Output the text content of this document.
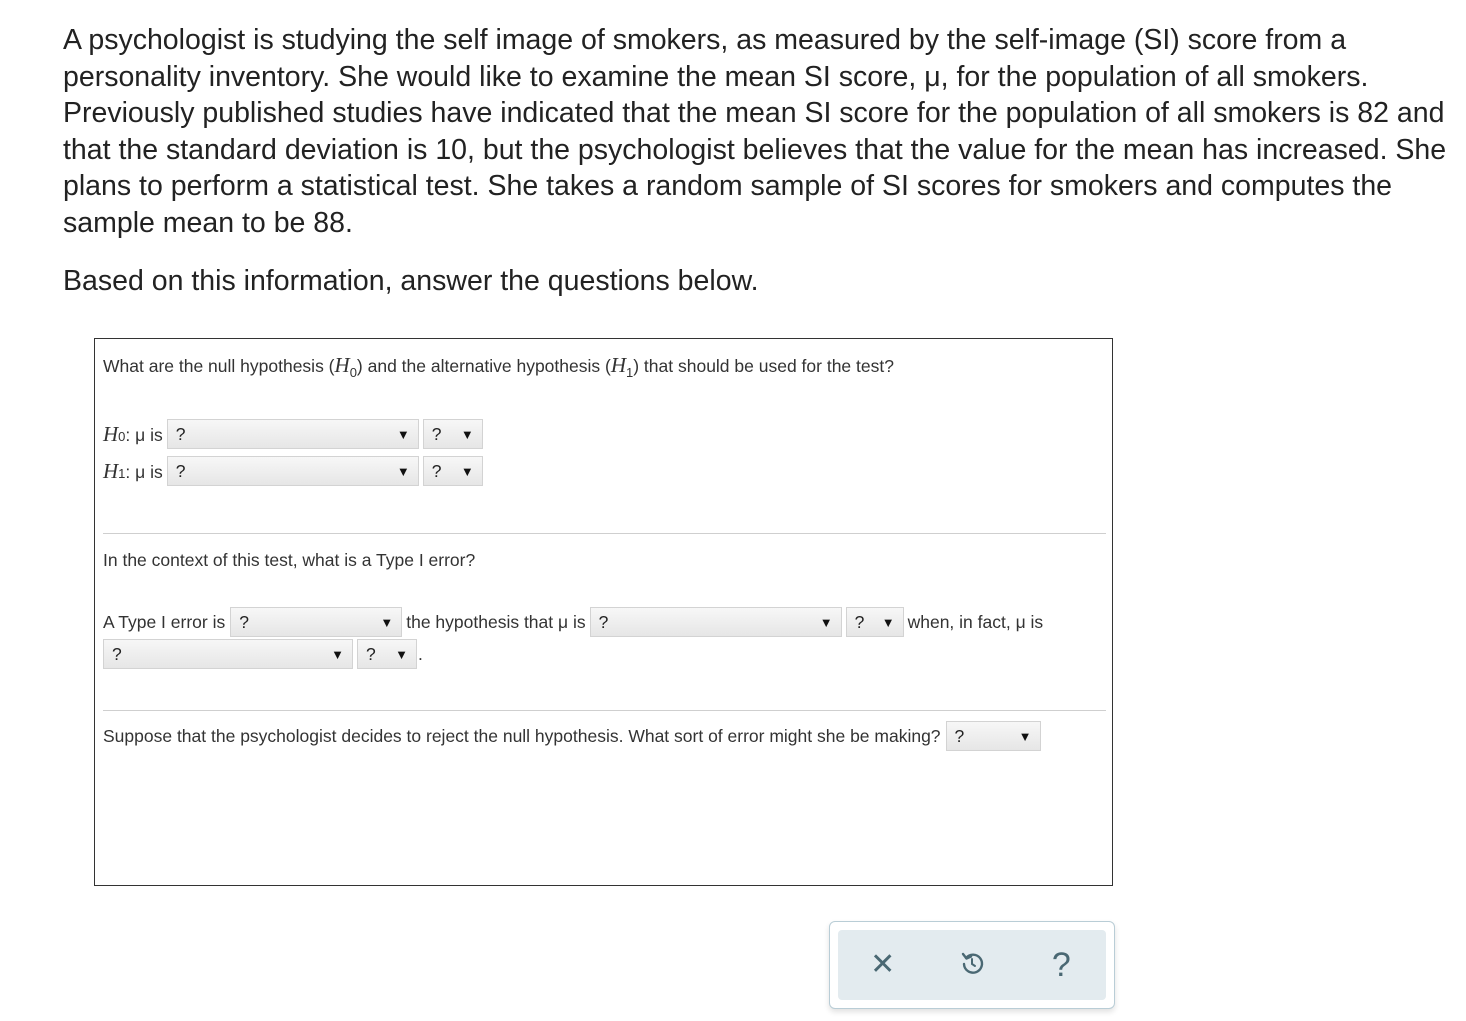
A psychologist is studying the self image of smokers, as measured by the self-image (SI) score from a personality inventory. She would like to examine the mean SI score, μ, for the population of all smokers. Previously published studies have indicated that the mean SI score for the population of all smokers is 82 and that the standard deviation is 10, but the psychologist believes that the value for the mean has increased. She plans to perform a statistical test. She takes a random sample of SI scores for smokers and computes the sample mean to be 88.

Based on this information, answer the questions below.

What are the null hypothesis $(H_0)$ and the alternative hypothesis $(H_1)$ that should be used for the test?
H 0 : μ is ?	▼ ? ▼
H 1 : μ is ?	▼ ? ▼
In the context of this test, what is a Type I error?
A Type I error is ?	▼ the hypothesis that μ is ?	▼ ? ▼ when, in fact, μ is
?	▼ ? ▼ .
Suppose that the psychologist decides to reject the null hypothesis. What sort of error might she be making? ?	▼
✕	?
